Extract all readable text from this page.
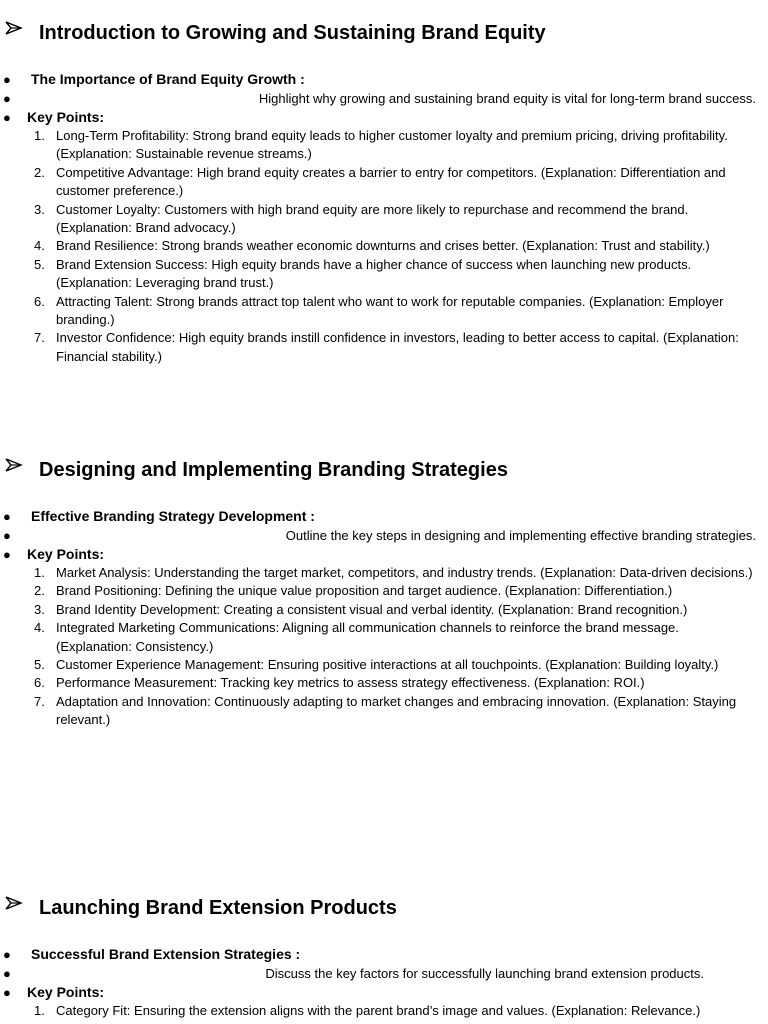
Introduction to Growing and Sustaining Brand Equity
● The Importance of Brand Equity Growth :
●	Highlight why growing and sustaining brand equity is vital for long-term brand success.
● Key Points:
1. Long-Term Profitability: Strong brand equity leads to higher customer loyalty and premium pricing, driving profitability. (Explanation: Sustainable revenue streams.)
2. Competitive Advantage: High brand equity creates a barrier to entry for competitors. (Explanation: Differentiation and customer preference.)
3. Customer Loyalty: Customers with high brand equity are more likely to repurchase and recommend the brand. (Explanation: Brand advocacy.)
4. Brand Resilience: Strong brands weather economic downturns and crises better. (Explanation: Trust and stability.)
5. Brand Extension Success: High equity brands have a higher chance of success when launching new products. (Explanation: Leveraging brand trust.)
6. Attracting Talent: Strong brands attract top talent who want to work for reputable companies. (Explanation: Employer branding.)
7. Investor Confidence: High equity brands instill confidence in investors, leading to better access to capital. (Explanation: Financial stability.)
Designing and Implementing Branding Strategies
● Effective Branding Strategy Development :
●	Outline the key steps in designing and implementing effective branding strategies.
● Key Points:
1. Market Analysis: Understanding the target market, competitors, and industry trends. (Explanation: Data-driven decisions.)
2. Brand Positioning: Defining the unique value proposition and target audience. (Explanation: Differentiation.)
3. Brand Identity Development: Creating a consistent visual and verbal identity. (Explanation: Brand recognition.)
4. Integrated Marketing Communications: Aligning all communication channels to reinforce the brand message. (Explanation: Consistency.)
5. Customer Experience Management: Ensuring positive interactions at all touchpoints. (Explanation: Building loyalty.)
6. Performance Measurement: Tracking key metrics to assess strategy effectiveness. (Explanation: ROI.)
7. Adaptation and Innovation: Continuously adapting to market changes and embracing innovation. (Explanation: Staying relevant.)
Launching Brand Extension Products
● Successful Brand Extension Strategies :
●	Discuss the key factors for successfully launching brand extension products.
● Key Points:
1. Category Fit: Ensuring the extension aligns with the parent brand’s image and values. (Explanation: Relevance.)
